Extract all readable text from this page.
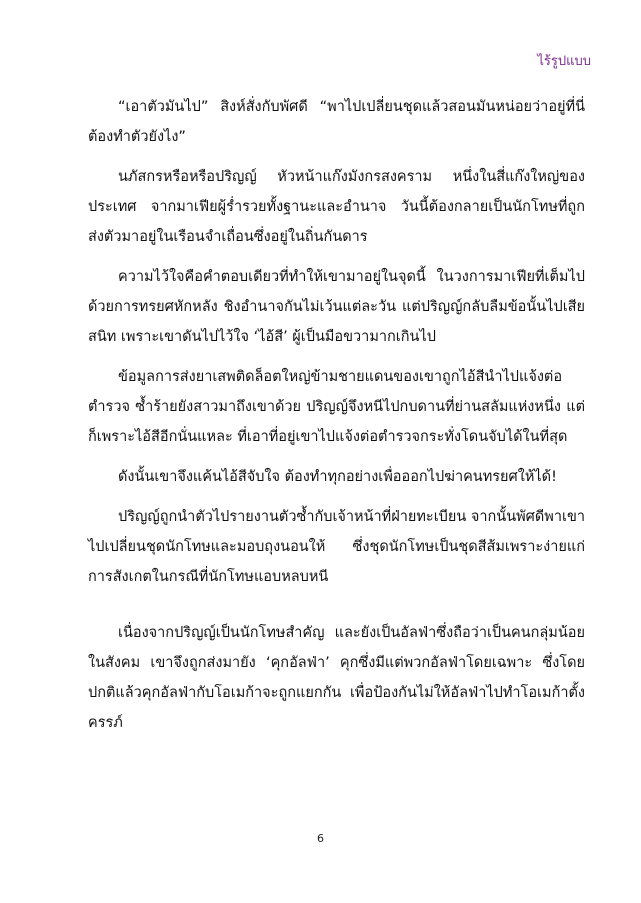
ไร้รูปแบบ

“เอาตัวมันไป” สิงห์สั่งกับพัศดี “พาไปเปลี่ยนชุดแล้วสอนมันหน่อยว่าอยู่ที่นี่ต้องทำตัวยังไง”

นภัสกรหรือหรือปริญญ์ หัวหน้าแก๊งมังกรสงคราม หนึ่งในสี่แก๊งใหญ่ของประเทศ จากมาเฟียผู้ร่ำรวยทั้งฐานะและอำนาจ วันนี้ต้องกลายเป็นนักโทษที่ถูกส่งตัวมาอยู่ในเรือนจำเถื่อนซึ่งอยู่ในถิ่นกันดาร

ความไว้ใจคือคำตอบเดียวที่ทำให้เขามาอยู่ในจุดนี้ ในวงการมาเฟียที่เต็มไปด้วยการทรยศหักหลัง ชิงอำนาจกันไม่เว้นแต่ละวัน แต่ปริญญ์กลับลืมข้อนั้นไปเสียสนิท เพราะเขาดันไปไว้ใจ ‘ไอ้สี’ ผู้เป็นมือขวามากเกินไป

ข้อมูลการส่งยาเสพติดล็อตใหญ่ข้ามชายแดนของเขาถูกไอ้สีนำไปแจ้งต่อตำรวจ ซ้ำร้ายยังสาวมาถึงเขาด้วย ปริญญ์จึงหนีไปกบดานที่ย่านสลัมแห่งหนึ่ง แต่ก็เพราะไอ้สีอีกนั่นแหละ ที่เอาที่อยู่เขาไปแจ้งต่อตำรวจกระทั่งโดนจับได้ในที่สุด

ดังนั้นเขาจึงแค้นไอ้สีจับใจ ต้องทำทุกอย่างเพื่อออกไปฆ่าคนทรยศให้ได้!

ปริญญ์ถูกนำตัวไปรายงานตัวซ้ำกับเจ้าหน้าที่ฝ่ายทะเบียน จากนั้นพัศดีพาเขาไปเปลี่ยนชุดนักโทษและมอบถุงนอนให้ ซึ่งชุดนักโทษเป็นชุดสีส้มเพราะง่ายแก่การสังเกตในกรณีที่นักโทษแอบหลบหนี

เนื่องจากปริญญ์เป็นนักโทษสำคัญ และยังเป็นอัลฟ่าซึ่งถือว่าเป็นคนกลุ่มน้อยในสังคม เขาจึงถูกส่งมายัง ‘คุกอัลฟ่า’ คุกซึ่งมีแต่พวกอัลฟ่าโดยเฉพาะ ซึ่งโดยปกติแล้วคุกอัลฟ่ากับโอเมก้าจะถูกแยกกัน เพื่อป้องกันไม่ให้อัลฟ่าไปทำโอเมก้าตั้งครรภ์

6
